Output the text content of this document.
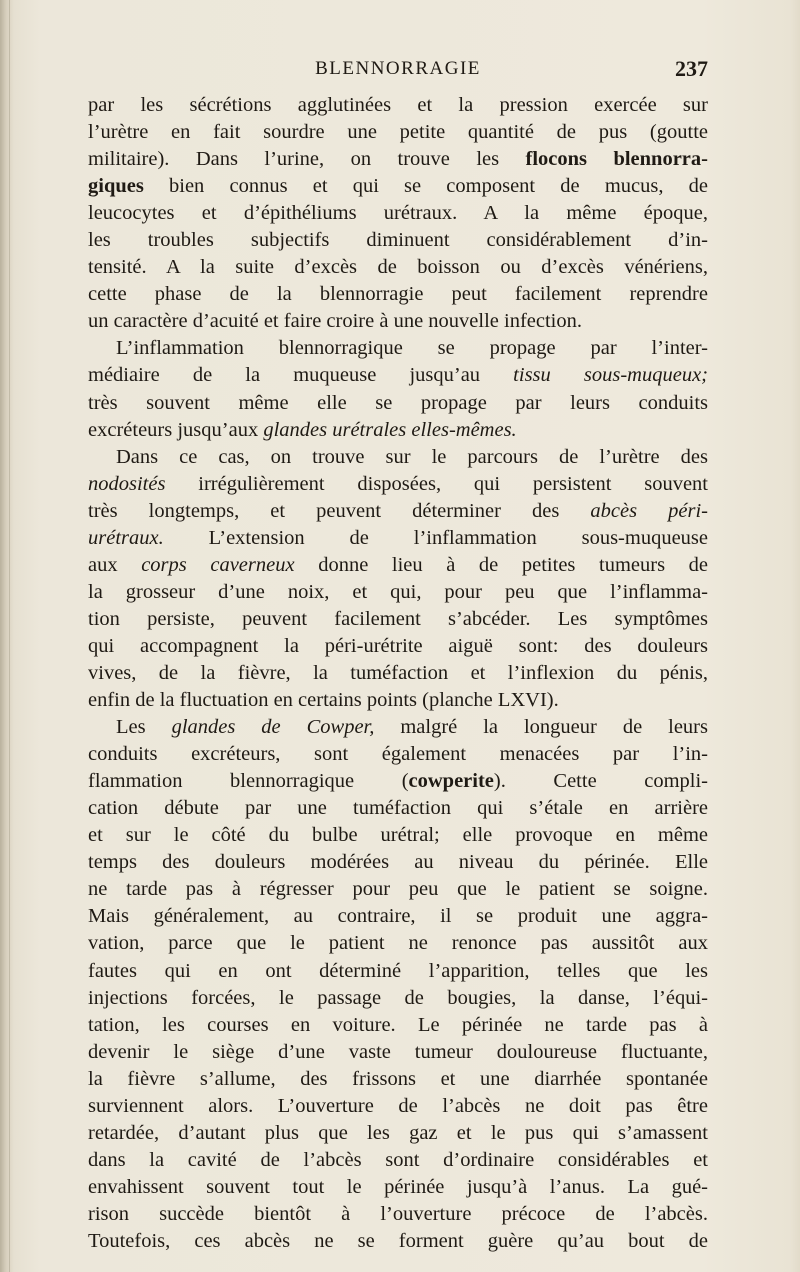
BLENNORRAGIE	237
par les sécrétions agglutinées et la pression exercée sur
l’urètre en fait sourdre une petite quantité de pus (goutte
militaire). Dans l’urine, on trouve les flocons blennorra-
giques bien connus et qui se composent de mucus, de
leucocytes et d’épithéliums urétraux. A la même époque,
les troubles subjectifs diminuent considérablement d’in-
tensité. A la suite d’excès de boisson ou d’excès vénériens,
cette phase de la blennorragie peut facilement reprendre
un caractère d’acuité et faire croire à une nouvelle infection.
L’inflammation blennorragique se propage par l’inter-
médiaire de la muqueuse jusqu’au tissu sous-muqueux;
très souvent même elle se propage par leurs conduits
excréteurs jusqu’aux glandes urétrales elles-mêmes.
Dans ce cas, on trouve sur le parcours de l’urètre des
nodosités irrégulièrement disposées, qui persistent souvent
très longtemps, et peuvent déterminer des abcès péri-
urétraux. L’extension de l’inflammation sous-muqueuse
aux corps caverneux donne lieu à de petites tumeurs de
la grosseur d’une noix, et qui, pour peu que l’inflamma-
tion persiste, peuvent facilement s’abcéder. Les symptômes
qui accompagnent la péri-urétrite aiguë sont: des douleurs
vives, de la fièvre, la tuméfaction et l’inflexion du pénis,
enfin de la fluctuation en certains points (planche LXVI).
Les glandes de Cowper, malgré la longueur de leurs
conduits excréteurs, sont également menacées par l’in-
flammation blennorragique (cowperite). Cette compli-
cation débute par une tuméfaction qui s’étale en arrière
et sur le côté du bulbe urétral; elle provoque en même
temps des douleurs modérées au niveau du périnée. Elle
ne tarde pas à régresser pour peu que le patient se soigne.
Mais généralement, au contraire, il se produit une aggra-
vation, parce que le patient ne renonce pas aussitôt aux
fautes qui en ont déterminé l’apparition, telles que les
injections forcées, le passage de bougies, la danse, l’équi-
tation, les courses en voiture. Le périnée ne tarde pas à
devenir le siège d’une vaste tumeur douloureuse fluctuante,
la fièvre s’allume, des frissons et une diarrhée spontanée
surviennent alors. L’ouverture de l’abcès ne doit pas être
retardée, d’autant plus que les gaz et le pus qui s’amassent
dans la cavité de l’abcès sont d’ordinaire considérables et
envahissent souvent tout le périnée jusqu’à l’anus. La gué-
rison succède bientôt à l’ouverture précoce de l’abcès.
Toutefois, ces abcès ne se forment guère qu’au bout de
